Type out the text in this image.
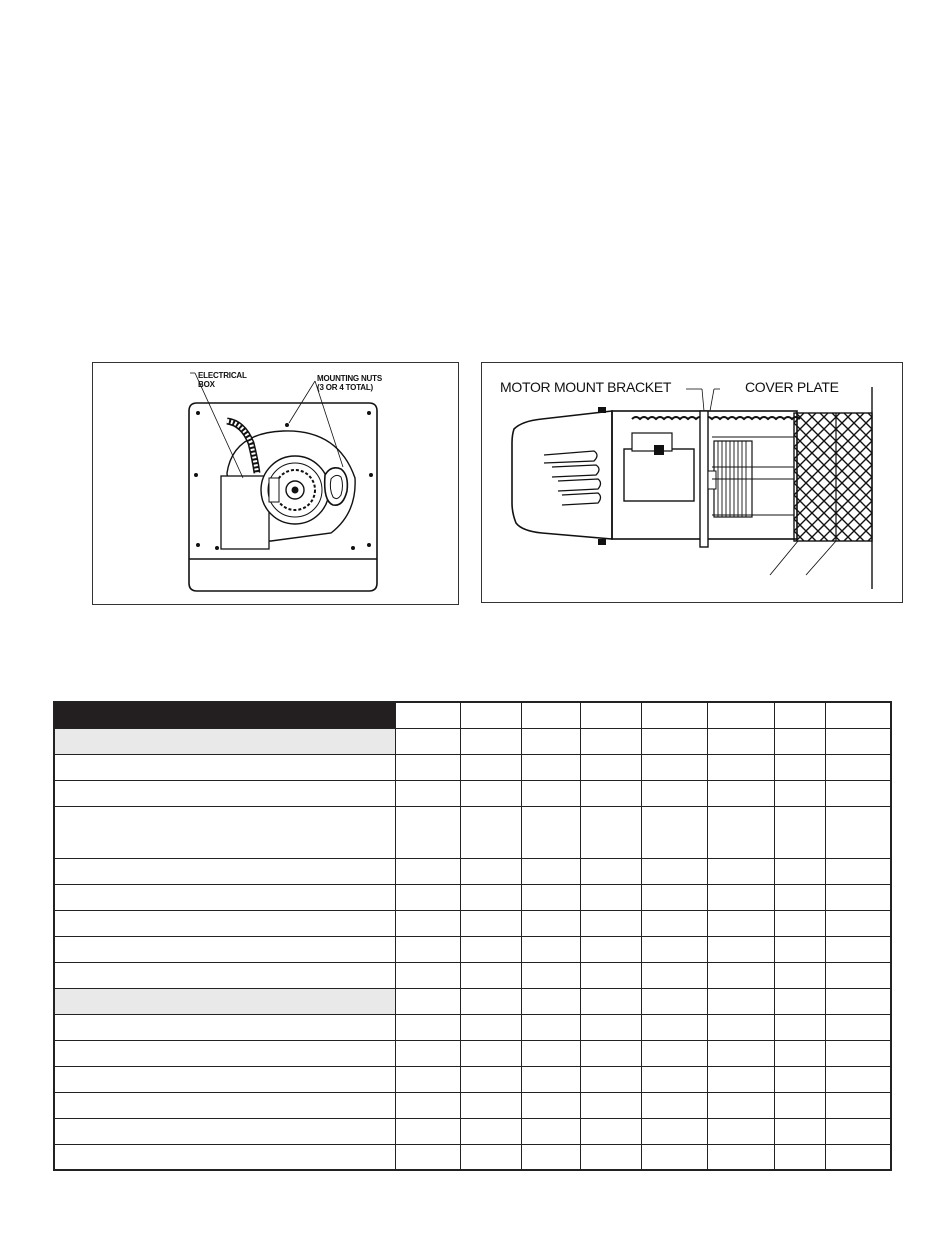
ELECTRICAL
BOX
MOUNTING NUTS
(3 OR 4 TOTAL)	MOTOR MOUNT BRACKET	COVER PLATE
